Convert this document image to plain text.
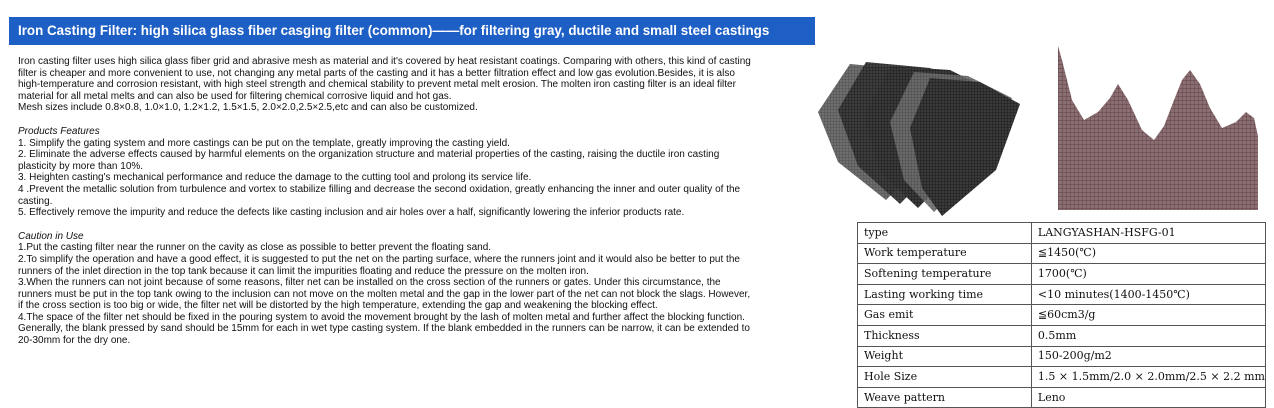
Iron Casting Filter: high silica glass fiber casging filter (common)——for filtering gray, ductile and small steel castings

Iron casting filter uses high silica glass fiber grid and abrasive mesh as material and it's covered by heat resistant coatings. Comparing with others, this kind of casting

filter is cheaper and more convenient to use, not changing any metal parts of the casting and it has a better filtration effect and low gas evolution.Besides, it is also

high-temperature and corrosion resistant, with high steel strength and chemical stability to prevent metal melt erosion. The molten iron casting filter is an ideal filter

material for all metal melts and can also be used for filtering chemical corrosive liquid and hot gas.

Mesh sizes include 0.8×0.8, 1.0×1.0, 1.2×1.2, 1.5×1.5, 2.0×2.0,2.5×2.5,etc and can also be customized.

Products Features

1. Simplify the gating system and more castings can be put on the template, greatly improving the casting yield.

2. Eliminate the adverse effects caused by harmful elements on the organization structure and material properties of the casting, raising the ductile iron casting

plasticity by more than 10%.

3. Heighten casting's mechanical performance and reduce the damage to the cutting tool and prolong its service life.

4 .Prevent the metallic solution from turbulence and vortex to stabilize filling and decrease the second oxidation, greatly enhancing the inner and outer quality of the

casting.

5. Effectively remove the impurity and reduce the defects like casting inclusion and air holes over a half, significantly lowering the inferior products rate.

Caution in Use

1.Put the casting filter near the runner on the cavity as close as possible to better prevent the floating sand.

2.To simplify the operation and have a good effect, it is suggested to put the net on the parting surface, where the runners joint and it would also be better to put the

runners of the inlet direction in the top tank because it can limit the impurities floating and reduce the pressure on the molten iron.

3.When the runners can not joint because of some reasons, filter net can be installed on the cross section of the runners or gates. Under this circumstance, the

runners must be put in the top tank owing to the inclusion can not move on the molten metal and the gap in the lower part of the net can not block the slags. However,

if the cross section is too big or wide, the filter net will be distorted by the high temperature, extending the gap and weakening the blocking effect.

4.The space of the filter net should be fixed in the pouring system to avoid the movement brought by the lash of molten metal and further affect the blocking function.

Generally, the blank pressed by sand should be 15mm for each in wet type casting system. If the blank embedded in the runners can be narrow, it can be extended to

20-30mm for the dry one.

type	LANGYASHAN-HSFG-01
Work temperature	≦1450(℃)
Softening temperature	1700(℃)
Lasting working time	<10 minutes(1400-1450℃)
Gas emit	≦60cm3/g
Thickness	0.5mm
Weight	150-200g/m2
Hole Size	1.5 × 1.5mm/2.0 × 2.0mm/2.5 × 2.2 mm
Weave pattern	Leno
